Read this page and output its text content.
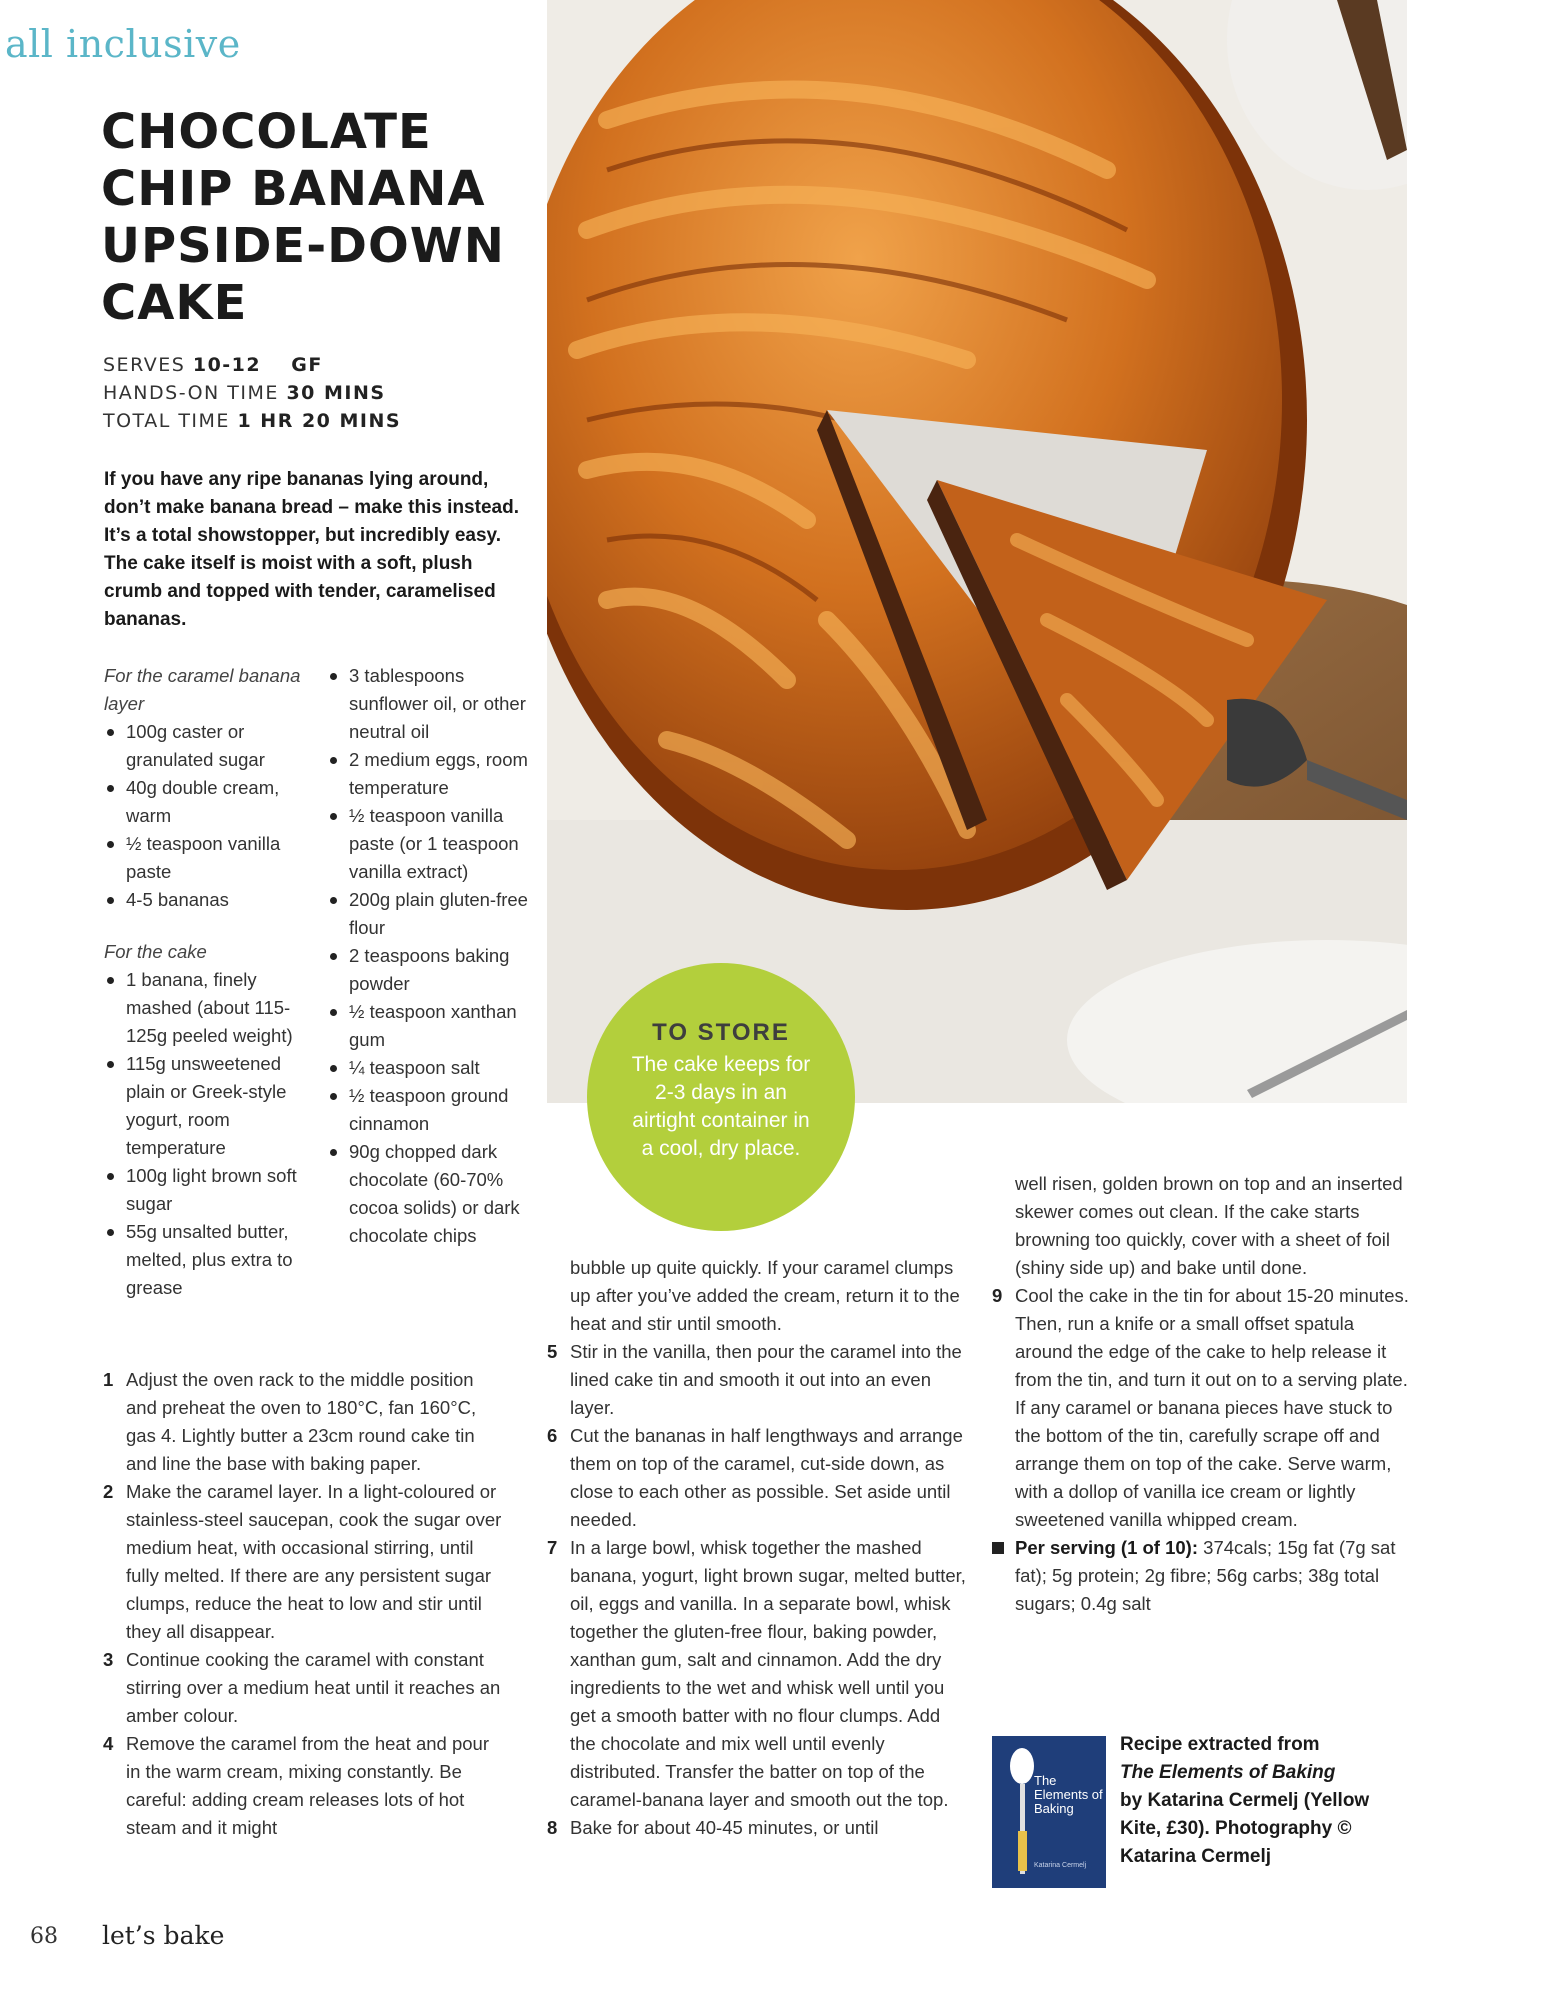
all inclusive
CHOCOLATE CHIP BANANA UPSIDE-DOWN CAKE
SERVES 10-12 GF
HANDS-ON TIME 30 MINS
TOTAL TIME 1 HR 20 MINS

If you have any ripe bananas lying around, don’t make banana bread – make this instead. It’s a total showstopper, but incredibly easy. The cake itself is moist with a soft, plush crumb and topped with tender, caramelised bananas.

For the caramel banana layer
100g caster or granulated sugar
40g double cream, warm
½ teaspoon vanilla paste
4-5 bananas
For the cake
1 banana, finely mashed (about 115-125g peeled weight)
115g unsweetened plain or Greek-style yogurt, room temperature
100g light brown soft sugar
55g unsalted butter, melted, plus extra to grease
3 tablespoons sunflower oil, or other neutral oil
2 medium eggs, room temperature
½ teaspoon vanilla paste (or 1 teaspoon vanilla extract)
200g plain gluten-free flour
2 teaspoons baking powder
½ teaspoon xanthan gum
¼ teaspoon salt
½ teaspoon ground cinnamon
90g chopped dark chocolate (60-70% cocoa solids) or dark chocolate chips

1 Adjust the oven rack to the middle position and preheat the oven to 180°C, fan 160°C, gas 4. Lightly butter a 23cm round cake tin and line the base with baking paper.

2 Make the caramel layer. In a light-coloured or stainless-steel saucepan, cook the sugar over medium heat, with occasional stirring, until fully melted. If there are any persistent sugar clumps, reduce the heat to low and stir until they all disappear.

3 Continue cooking the caramel with constant stirring over a medium heat until it reaches an amber colour.

4 Remove the caramel from the heat and pour in the warm cream, mixing constantly. Be careful: adding cream releases lots of hot steam and it might

bubble up quite quickly. If your caramel clumps up after you’ve added the cream, return it to the heat and stir until smooth.

5 Stir in the vanilla, then pour the caramel into the lined cake tin and smooth it out into an even layer.

6 Cut the bananas in half lengthways and arrange them on top of the caramel, cut-side down, as close to each other as possible. Set aside until needed.

7 In a large bowl, whisk together the mashed banana, yogurt, light brown sugar, melted butter, oil, eggs and vanilla. In a separate bowl, whisk together the gluten-free flour, baking powder, xanthan gum, salt and cinnamon. Add the dry ingredients to the wet and whisk well until you get a smooth batter with no flour clumps. Add the chocolate and mix well until evenly distributed. Transfer the batter on top of the caramel-banana layer and smooth out the top.

8 Bake for about 40-45 minutes, or until

well risen, golden brown on top and an inserted skewer comes out clean. If the cake starts browning too quickly, cover with a sheet of foil (shiny side up) and bake until done.

9 Cool the cake in the tin for about 15-20 minutes. Then, run a knife or a small offset spatula around the edge of the cake to help release it from the tin, and turn it out on to a serving plate. If any caramel or banana pieces have stuck to the bottom of the tin, carefully scrape off and arrange them on top of the cake. Serve warm, with a dollop of vanilla ice cream or lightly sweetened vanilla whipped cream.

Per serving (1 of 10): 374cals; 15g fat (7g sat fat); 5g protein; 2g fibre; 56g carbs; 38g total sugars; 0.4g salt

TO STORE
The cake keeps for 2-3 days in an airtight container in a cool, dry place.
The Elements of Baking
Katarina Cermelj
Recipe extracted from
The Elements of Baking
by Katarina Cermelj (Yellow Kite, £30). Photography © Katarina Cermelj
68 let’s bake
